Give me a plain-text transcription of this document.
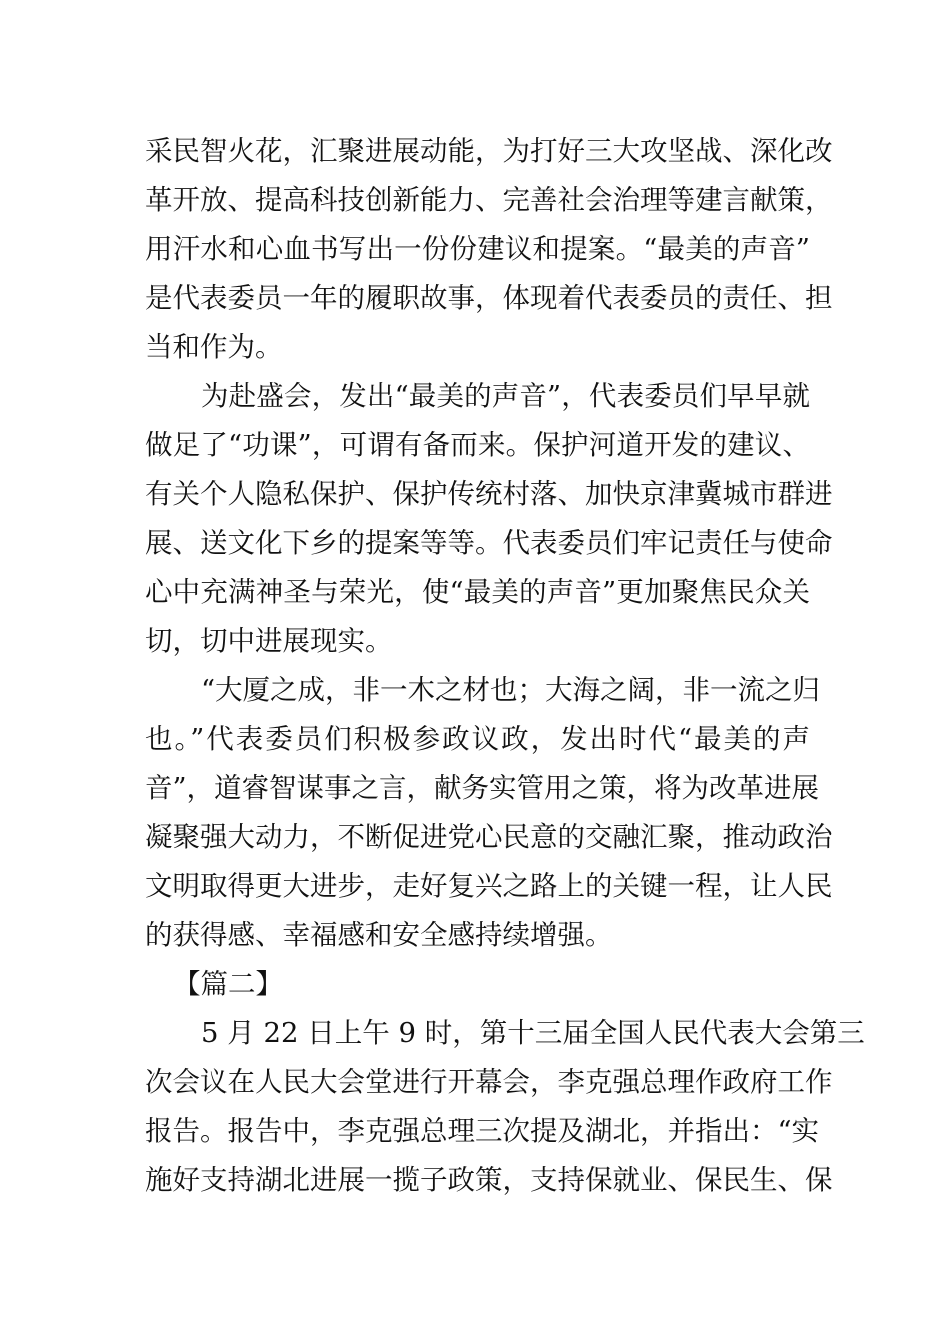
采民智火花，汇聚进展动能，为打好三大攻坚战、深化改
革开放、提高科技创新能力、完善社会治理等建言献策，
用汗水和心血书写出一份份建议和提案。“最美的声音”
是代表委员一年的履职故事，体现着代表委员的责任、担
当和作为。
为赴盛会，发出“最美的声音”，代表委员们早早就
做足了“功课”，可谓有备而来。保护河道开发的建议、
有关个人隐私保护、保护传统村落、加快京津冀城市群进
展、送文化下乡的提案等等。代表委员们牢记责任与使命
心中充满神圣与荣光，使“最美的声音”更加聚焦民众关
切，切中进展现实。
“大厦之成，非一木之材也；大海之阔，非一流之归
也。”代表委员们积极参政议政，发出时代“最美的声
音”，道睿智谋事之言，献务实管用之策，将为改革进展
凝聚强大动力，不断促进党心民意的交融汇聚，推动政治
文明取得更大进步，走好复兴之路上的关键一程，让人民
的获得感、幸福感和安全感持续增强。
【篇二】
5 月 22 日上午 9 时，第十三届全国人民代表大会第三
次会议在人民大会堂进行开幕会，李克强总理作政府工作
报告。报告中，李克强总理三次提及湖北，并指出：“实
施好支持湖北进展一揽子政策，支持保就业、保民生、保
